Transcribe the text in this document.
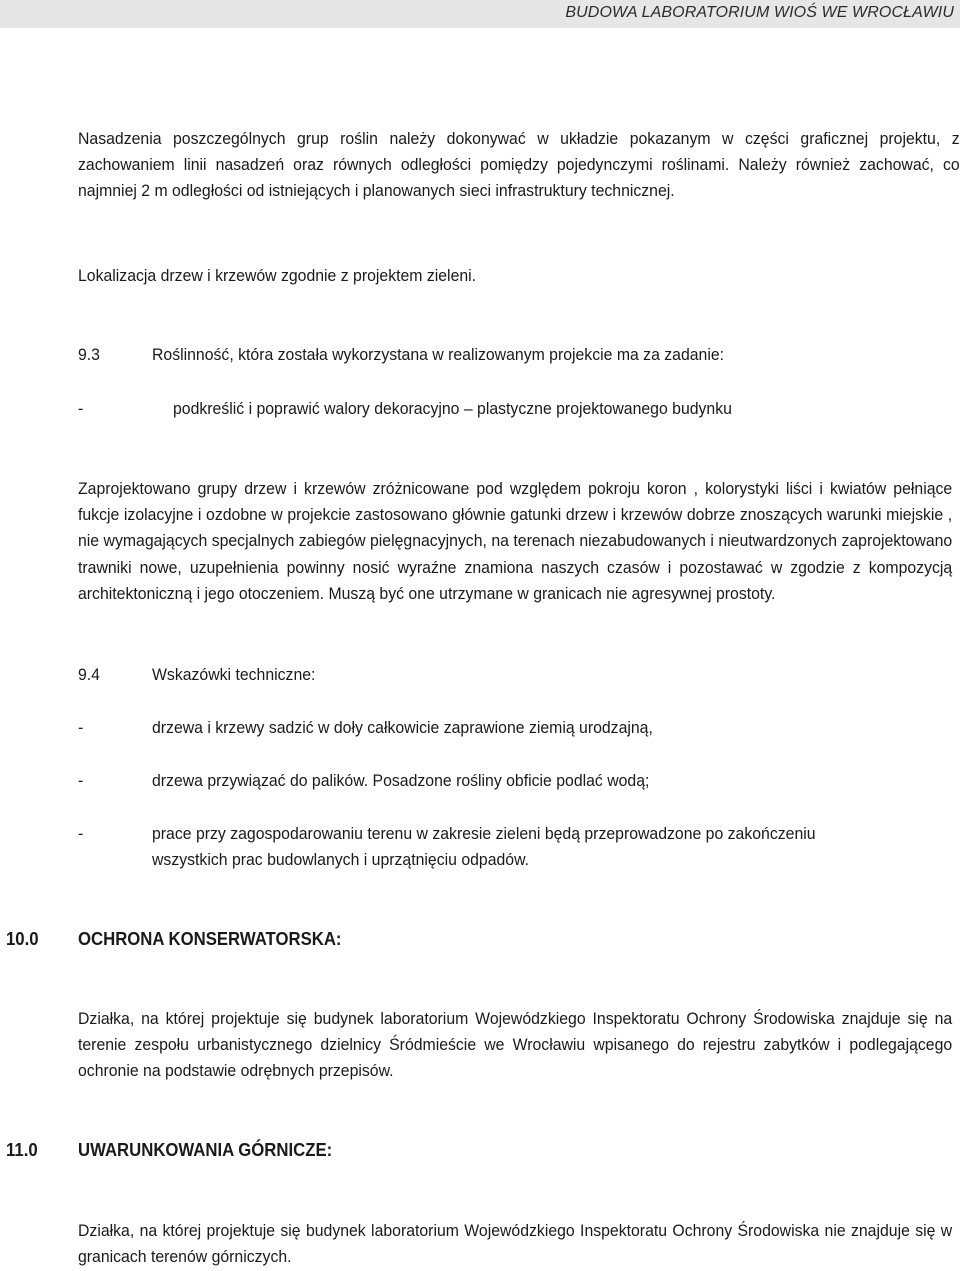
BUDOWA LABORATORIUM WIOŚ WE WROCŁAWIU

Nasadzenia poszczególnych grup roślin należy dokonywać w układzie pokazanym w części graficznej projektu, z zachowaniem linii nasadzeń oraz równych odległości pomiędzy pojedynczymi roślinami. Należy również zachować, co najmniej 2 m odległości od istniejących i planowanych sieci infrastruktury technicznej.

Lokalizacja drzew i krzewów zgodnie z projektem zieleni.

9.3	Roślinność, która została wykorzystana w realizowanym projekcie ma za zadanie:
-	podkreślić i poprawić walory dekoracyjno – plastyczne projektowanego budynku

Zaprojektowano grupy drzew i krzewów zróżnicowane pod względem pokroju koron , kolorystyki liści i kwiatów pełniące fukcje izolacyjne i ozdobne w projekcie zastosowano głównie gatunki drzew i krzewów dobrze znoszących warunki miejskie , nie wymagających specjalnych zabiegów pielęgnacyjnych, na terenach niezabudowanych i nieutwardzonych zaprojektowano trawniki nowe, uzupełnienia powinny nosić wyraźne znamiona naszych czasów i pozostawać w zgodzie z kompozycją architektoniczną i jego otoczeniem. Muszą być one utrzymane w granicach nie agresywnej prostoty.

9.4	Wskazówki techniczne:
-	drzewa i krzewy sadzić w doły całkowicie zaprawione ziemią urodzajną,
-	drzewa przywiązać do palików. Posadzone rośliny obficie podlać wodą;
-	prace przy zagospodarowaniu terenu w zakresie zieleni będą przeprowadzone po zakończeniu
wszystkich prac budowlanych i uprzątnięciu odpadów.
10.0 OCHRONA KONSERWATORSKA:

Działka, na której projektuje się budynek laboratorium Wojewódzkiego Inspektoratu Ochrony Środowiska znajduje się na terenie zespołu urbanistycznego dzielnicy Śródmieście we Wrocławiu wpisanego do rejestru zabytków i podlegającego ochronie na podstawie odrębnych przepisów.

11.0 UWARUNKOWANIA GÓRNICZE:

Działka, na której projektuje się budynek laboratorium Wojewódzkiego Inspektoratu Ochrony Środowiska nie znajduje się w granicach terenów górniczych.
